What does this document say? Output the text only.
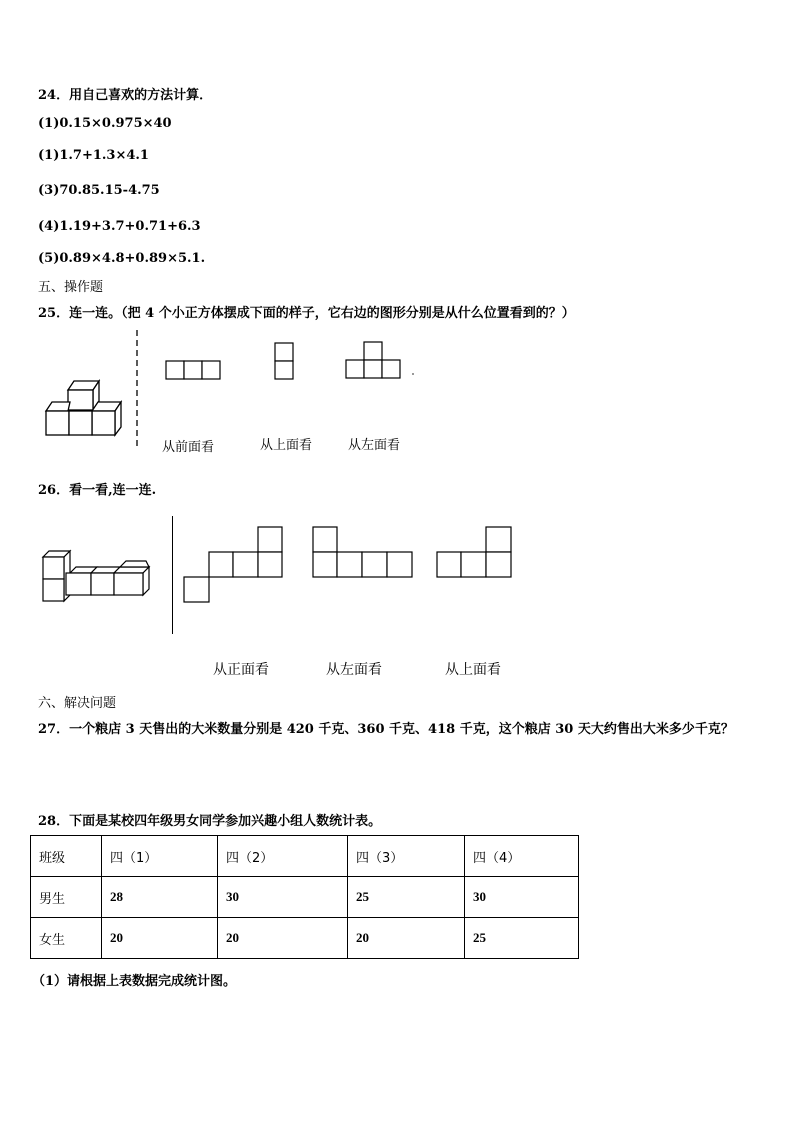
24．用自己喜欢的方法计算．
(1)0.15×0.975×40
(1)1.7+1.3×4.1
(3)70.85.15-4.75
(4)1.19+3.7+0.71+6.3
(5)0.89×4.8+0.89×5.1.
五、操作题
25．连一连。（把 4 个小正方体摆成下面的样子，它右边的图形分别是从什么位置看到的？）
从前面看	从上面看	从左面看
26．看一看,连一连.
从正面看	从左面看	从上面看
六、解决问题
27．一个粮店 3 天售出的大米数量分别是 420 千克、360 千克、418 千克，这个粮店 30 天大约售出大米多少千克？
28．下面是某校四年级男女同学参加兴趣小组人数统计表。
班级	四（1）	四（2）	四（3）	四（4）
男生	28	30	25	30
女生	20	20	20	25
（1）请根据上表数据完成统计图。
